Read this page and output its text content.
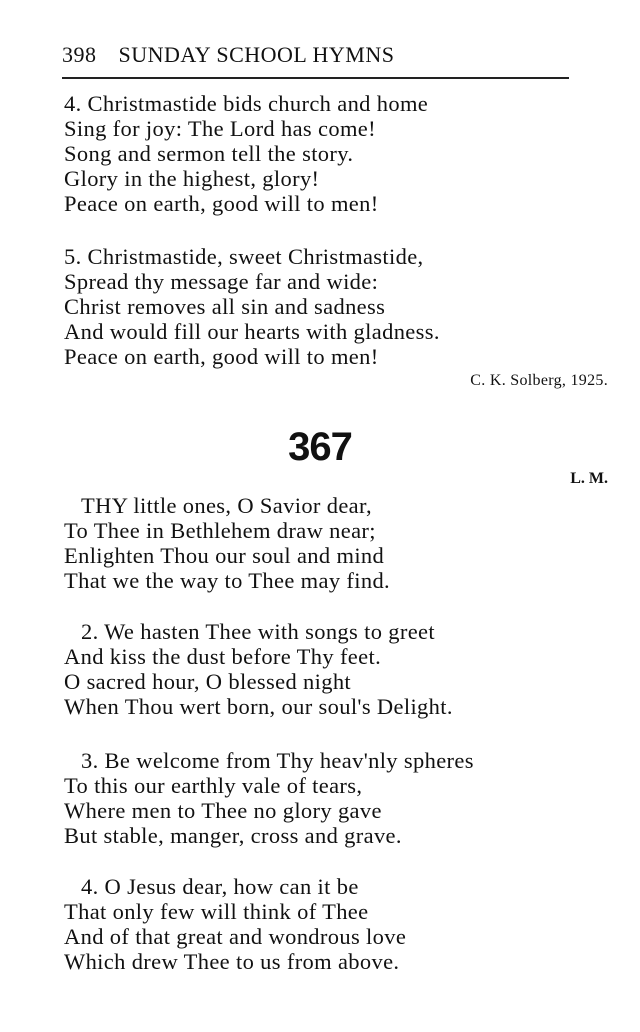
398 SUNDAY SCHOOL HYMNS
4. Christmastide bids church and home
Sing for joy: The Lord has come!
Song and sermon tell the story.
Glory in the highest, glory!
Peace on earth, good will to men!
5. Christmastide, sweet Christmastide,
Spread thy message far and wide:
Christ removes all sin and sadness
And would fill our hearts with gladness.
Peace on earth, good will to men!
C. K. Solberg, 1925.
367
L. M.
THY little ones, O Savior dear,
To Thee in Bethlehem draw near;
Enlighten Thou our soul and mind
That we the way to Thee may find.
2. We hasten Thee with songs to greet
And kiss the dust before Thy feet.
O sacred hour, O blessed night
When Thou wert born, our soul's Delight.
3. Be welcome from Thy heav'nly spheres
To this our earthly vale of tears,
Where men to Thee no glory gave
But stable, manger, cross and grave.
4. O Jesus dear, how can it be
That only few will think of Thee
And of that great and wondrous love
Which drew Thee to us from above.
